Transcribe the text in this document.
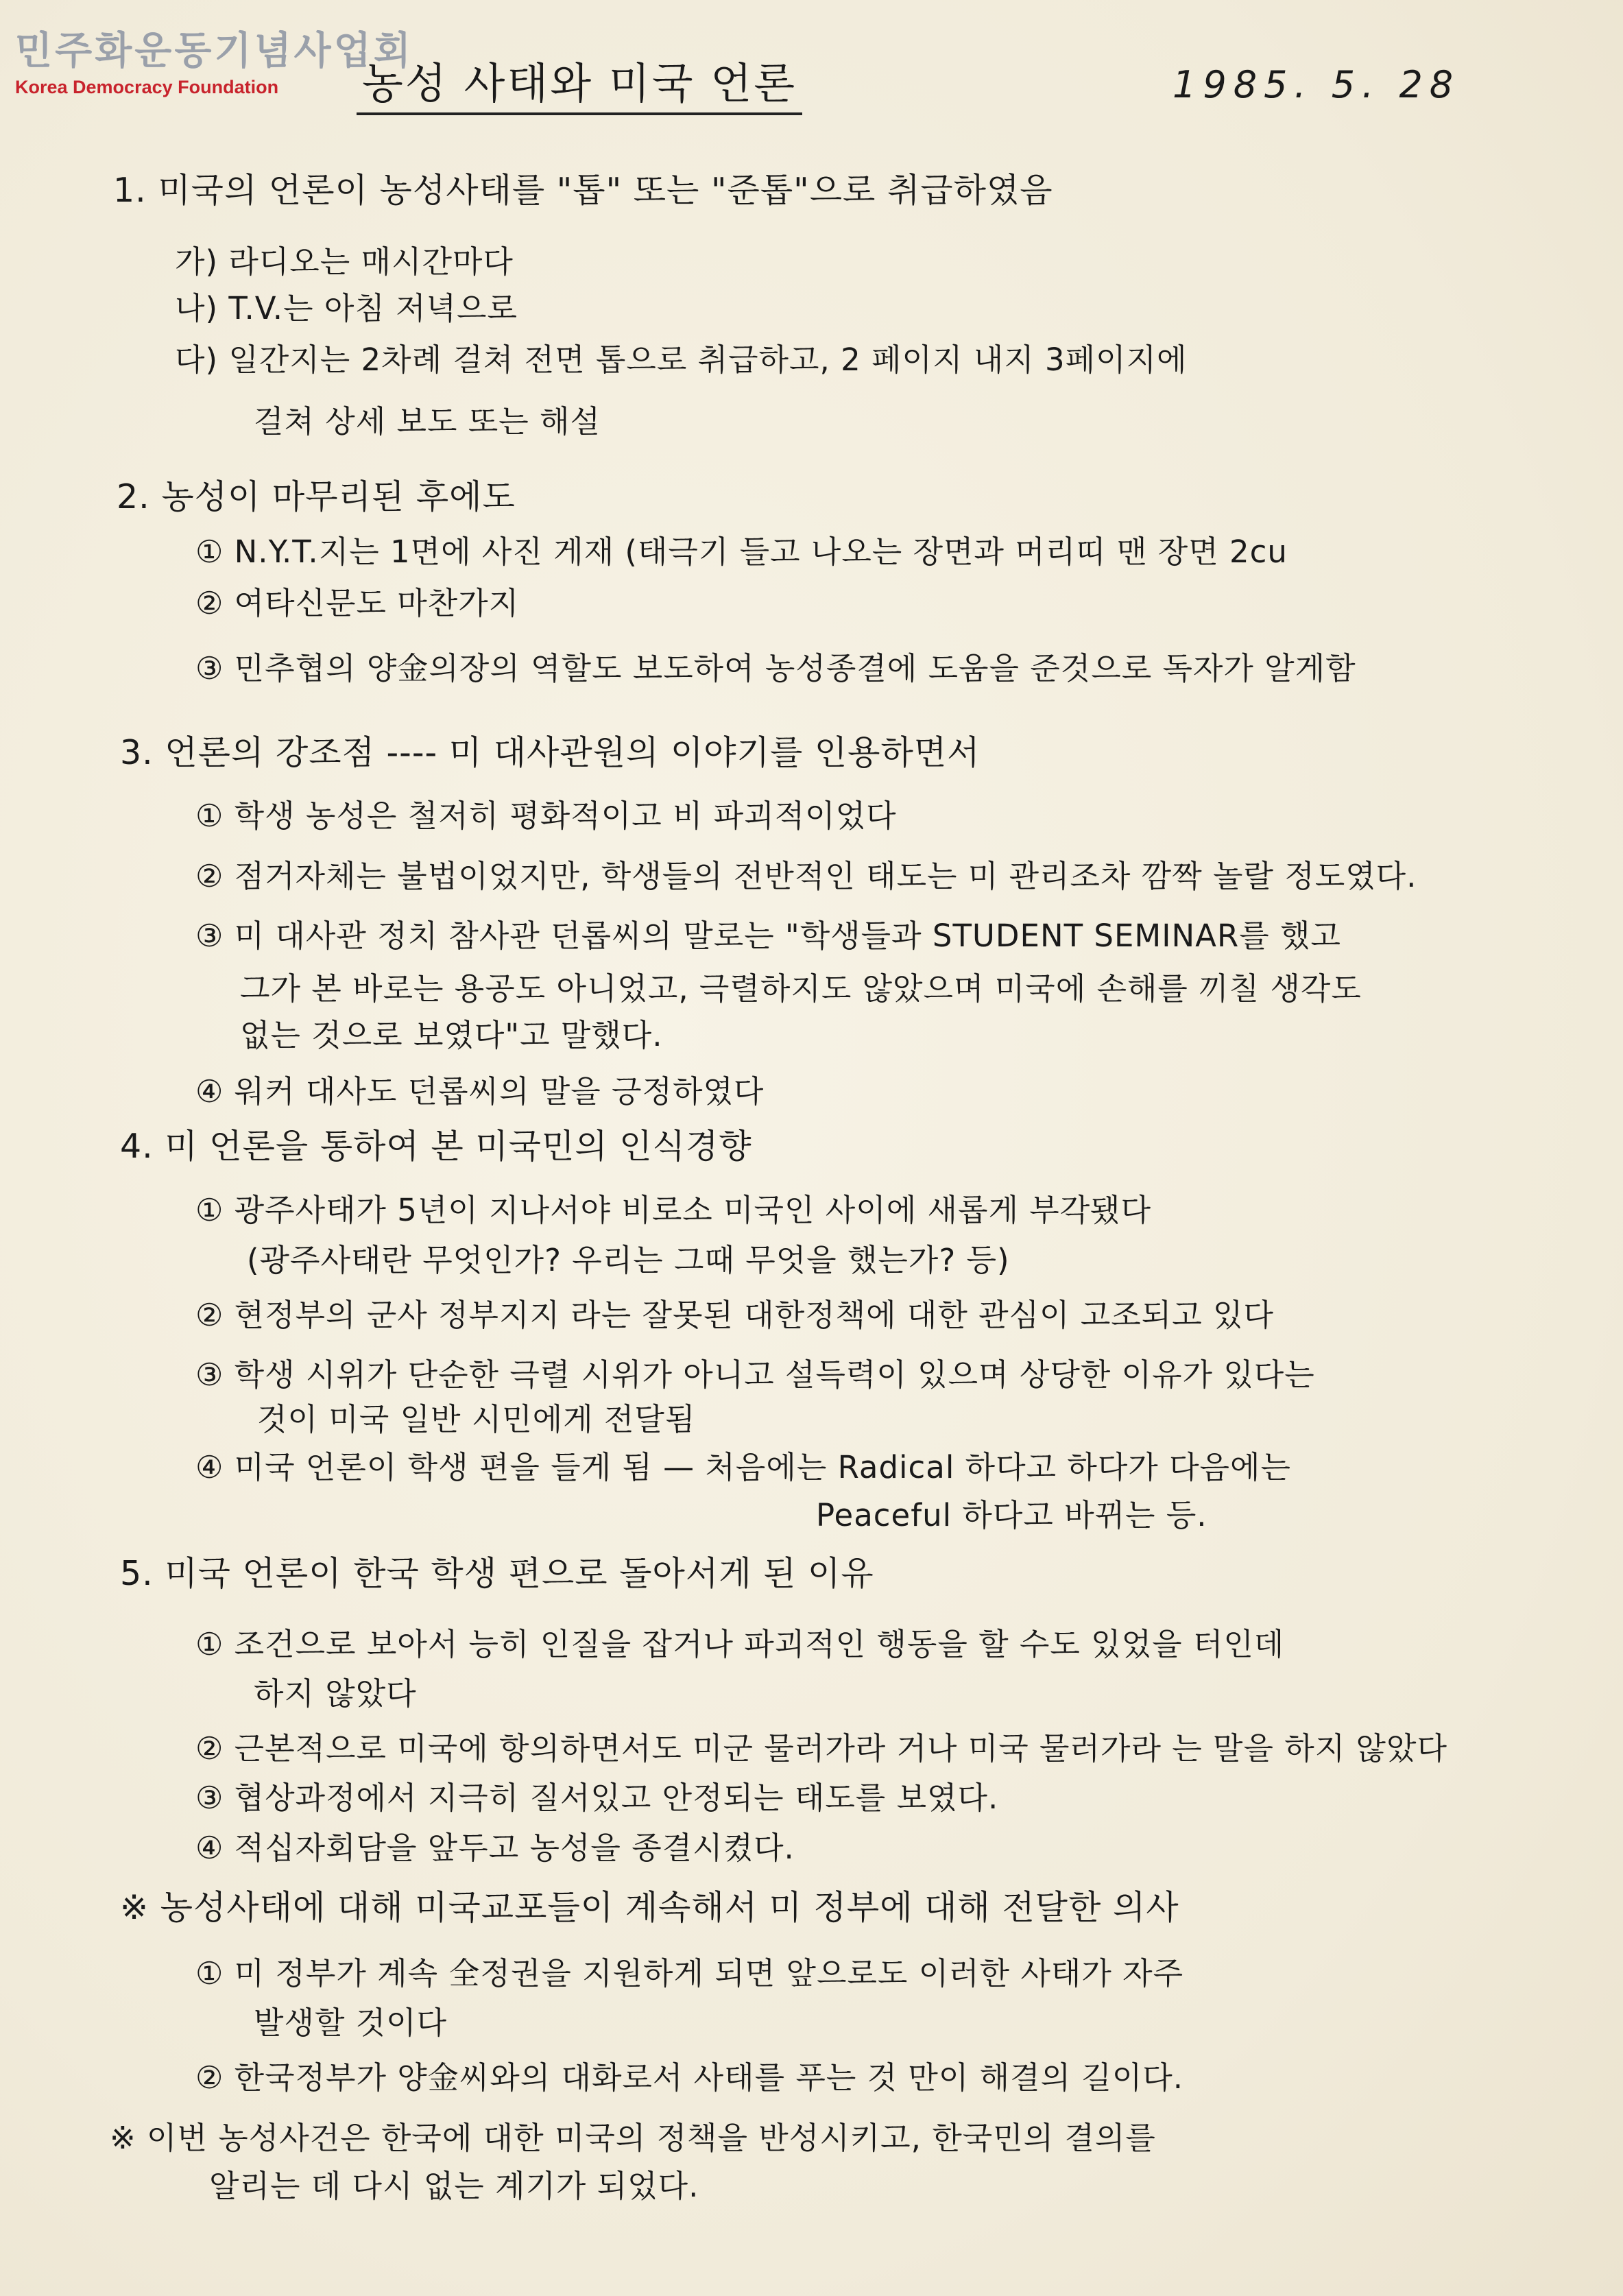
민주화운동기념사업회
Korea Democracy Foundation	농성 사태와 미국 언론	1985. 5. 28
1. 미국의 언론이 농성사태를 "톱" 또는 "준톱"으로 취급하였음
가) 라디오는 매시간마다
나) T.V.는 아침 저녁으로
다) 일간지는 2차례 걸쳐 전면 톱으로 취급하고, 2 페이지 내지 3페이지에
걸쳐 상세 보도 또는 해설
2. 농성이 마무리된 후에도
① N.Y.T.지는 1면에 사진 게재 (태극기 들고 나오는 장면과 머리띠 맨 장면 2cu
② 여타신문도 마찬가지
③ 민추협의 양金의장의 역할도 보도하여 농성종결에 도움을 준것으로 독자가 알게함
3. 언론의 강조점 ---- 미 대사관원의 이야기를 인용하면서
① 학생 농성은 철저히 평화적이고 비 파괴적이었다
② 점거자체는 불법이었지만, 학생들의 전반적인 태도는 미 관리조차 깜짝 놀랄 정도였다.
③ 미 대사관 정치 참사관 던롭씨의 말로는 "학생들과 STUDENT SEMINAR를 했고
그가 본 바로는 용공도 아니었고, 극렬하지도 않았으며 미국에 손해를 끼칠 생각도
없는 것으로 보였다"고 말했다.
④ 워커 대사도 던롭씨의 말을 긍정하였다
4. 미 언론을 통하여 본 미국민의 인식경향
① 광주사태가 5년이 지나서야 비로소 미국인 사이에 새롭게 부각됐다
(광주사태란 무엇인가? 우리는 그때 무엇을 했는가? 등)
② 현정부의 군사 정부지지 라는 잘못된 대한정책에 대한 관심이 고조되고 있다
③ 학생 시위가 단순한 극렬 시위가 아니고 설득력이 있으며 상당한 이유가 있다는
것이 미국 일반 시민에게 전달됨
④ 미국 언론이 학생 편을 들게 됨 — 처음에는 Radical 하다고 하다가 다음에는
Peaceful 하다고 바뀌는 등.
5. 미국 언론이 한국 학생 편으로 돌아서게 된 이유
① 조건으로 보아서 능히 인질을 잡거나 파괴적인 행동을 할 수도 있었을 터인데
하지 않았다
② 근본적으로 미국에 항의하면서도 미군 물러가라 거나 미국 물러가라 는 말을 하지 않았다
③ 협상과정에서 지극히 질서있고 안정되는 태도를 보였다.
④ 적십자회담을 앞두고 농성을 종결시켰다.
※ 농성사태에 대해 미국교포들이 계속해서 미 정부에 대해 전달한 의사
① 미 정부가 계속 全정권을 지원하게 되면 앞으로도 이러한 사태가 자주
발생할 것이다
② 한국정부가 양金씨와의 대화로서 사태를 푸는 것 만이 해결의 길이다.
※ 이번 농성사건은 한국에 대한 미국의 정책을 반성시키고, 한국민의 결의를
알리는 데 다시 없는 계기가 되었다.
